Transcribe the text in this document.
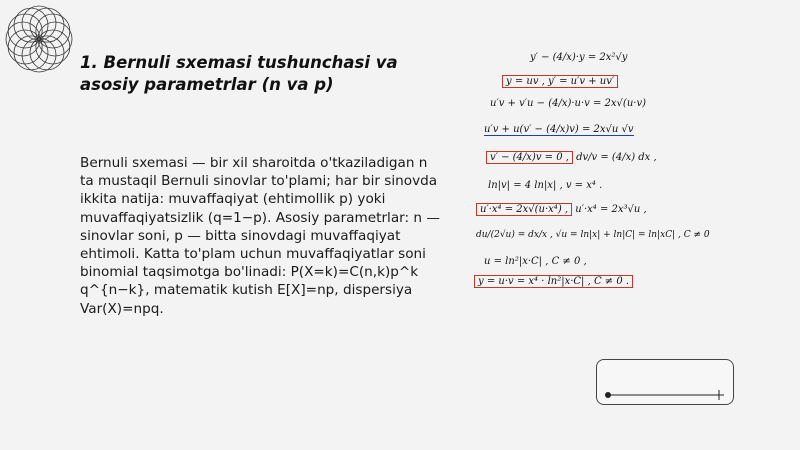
1. Bernuli sxemasi tushunchasi va asosiy parametrlar (n va p)

Bernuli sxemasi — bir xil sharoitda o'tkaziladigan n ta mustaqil Bernuli sinovlar to'plami; har bir sinovda ikkita natija: muvaffaqiyat (ehtimollik p) yoki muvaffaqiyatsizlik (q=1−p). Asosiy parametrlar: n — sinovlar soni, p — bitta sinovdagi muvaffaqiyat ehtimoli. Katta to'plam uchun muvaffaqiyatlar soni binomial taqsimotga bo'linadi: P(X=k)=C(n,k)p^k q^{n−k}, matematik kutish E[X]=np, dispersiya Var(X)=npq.

y′ − (4/x)·y = 2x²√y
y = uv , y′ = u′v + uv′
u′v + v′u − (4/x)·u·v = 2x√(u·v)
u′v + u(v′ − (4/x)v) = 2x√u √v
v′ − (4/x)v = 0 , dv/v = (4/x) dx ,
ln|v| = 4 ln|x| , v = x⁴ .
u′·x⁴ = 2x√(u·x⁴) , u′·x⁴ = 2x³√u ,
du/(2√u) = dx/x , √u = ln|x| + ln|C| = ln|xC| , C ≠ 0
u = ln²|x·C| , C ≠ 0 ,
y = u·v = x⁴ · ln²|x·C| , C ≠ 0 .
